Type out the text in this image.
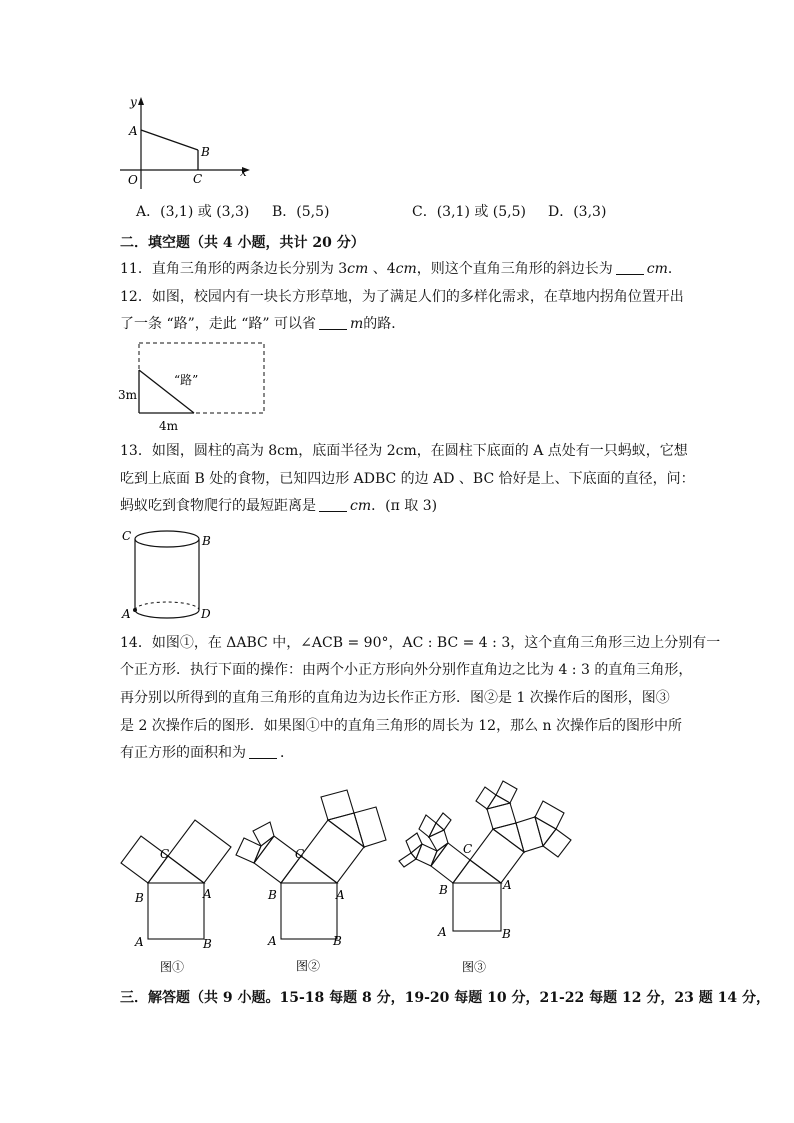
y
x
A
B
C
O
A．(3,1) 或 (3,3) B．(5,5)	C．(3,1) 或 (5,5) D．(3,3)
二．填空题（共 4 小题，共计 20 分）
11．直角三角形的两条边长分别为 3cm 、4cm，则这个直角三角形的斜边长为 cm．
12．如图，校园内有一块长方形草地，为了满足人们的多样化需求，在草地内拐角位置开出
了一条 “路”，走此 “路” 可以省 m的路．
3m
4m
“路”
13．如图，圆柱的高为 8cm，底面半径为 2cm，在圆柱下底面的 A 点处有一只蚂蚁，它想
吃到上底面 B 处的食物，已知四边形 ADBC 的边 AD 、BC 恰好是上、下底面的直径，问：
蚂蚁吃到食物爬行的最短距离是 cm．(π 取 3)
C	B
A	D
14．如图①，在 ΔABC 中，∠ACB = 90°，AC : BC = 4 : 3，这个直角三角形三边上分别有一
个正方形．执行下面的操作：由两个小正方形向外分别作直角边之比为 4 : 3 的直角三角形，
再分别以所得到的直角三角形的直角边为边长作正方形．图②是 1 次操作后的图形，图③
是 2 次操作后的图形．如果图①中的直角三角形的周长为 12，那么 n 次操作后的图形中所
有正方形的面积和为 ．
C
B	A
A	B
图①
C
B	A
A	B
图②
C
B	A
A	B
图③
三．解答题（共 9 小题。15-18 每题 8 分，19-20 每题 10 分，21-22 每题 12 分，23 题 14 分，
